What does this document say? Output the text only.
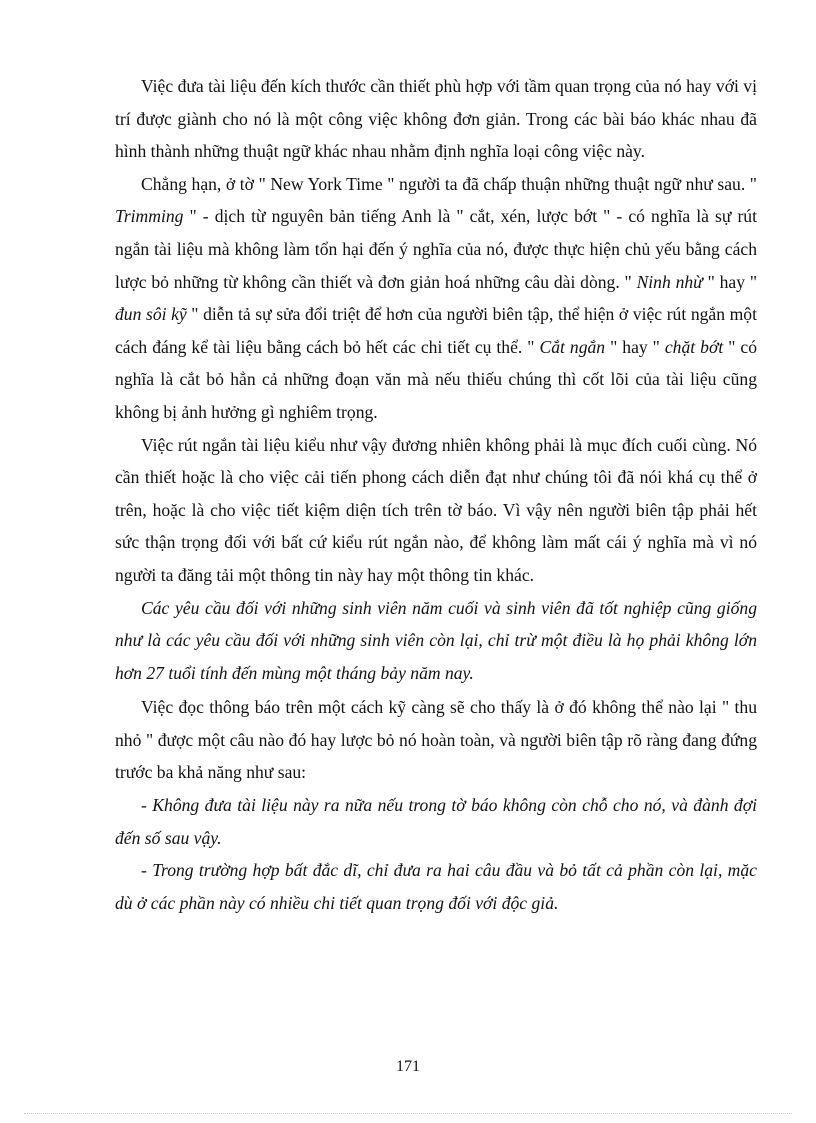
Việc đưa tài liệu đến kích thước cần thiết phù hợp với tầm quan trọng của nó hay với vị trí được giành cho nó là một công việc không đơn giản. Trong các bài báo khác nhau đã hình thành những thuật ngữ khác nhau nhằm định nghĩa loại công việc này.

Chẳng hạn, ở tờ " New York Time " người ta đã chấp thuận những thuật ngữ như sau. " Trimming " - dịch từ nguyên bản tiếng Anh là " cắt, xén, lược bớt " - có nghĩa là sự rút ngắn tài liệu mà không làm tổn hại đến ý nghĩa của nó, được thực hiện chủ yếu bằng cách lược bỏ những từ không cần thiết và đơn giản hoá những câu dài dòng. " Ninh nhừ " hay " đun sôi kỹ " diễn tả sự sửa đổi triệt để hơn của người biên tập, thể hiện ở việc rút ngắn một cách đáng kể tài liệu bằng cách bỏ hết các chi tiết cụ thể. " Cắt ngắn " hay " chặt bớt " có nghĩa là cắt bỏ hẳn cả những đoạn văn mà nếu thiếu chúng thì cốt lõi của tài liệu cũng không bị ảnh hưởng gì nghiêm trọng.

Việc rút ngắn tài liệu kiểu như vậy đương nhiên không phải là mục đích cuối cùng. Nó cần thiết hoặc là cho việc cải tiến phong cách diễn đạt như chúng tôi đã nói khá cụ thể ở trên, hoặc là cho việc tiết kiệm diện tích trên tờ báo. Vì vậy nên người biên tập phải hết sức thận trọng đối với bất cứ kiểu rút ngắn nào, để không làm mất cái ý nghĩa mà vì nó người ta đăng tải một thông tin này hay một thông tin khác.

Các yêu cầu đối với những sinh viên năm cuối và sinh viên đã tốt nghiệp cũng giống như là các yêu cầu đối với những sinh viên còn lại, chỉ trừ một điều là họ phải không lớn hơn 27 tuổi tính đến mùng một tháng bảy năm nay.

Việc đọc thông báo trên một cách kỹ càng sẽ cho thấy là ở đó không thể nào lại " thu nhỏ " được một câu nào đó hay lược bỏ nó hoàn toàn, và người biên tập rõ ràng đang đứng trước ba khả năng như sau:

- Không đưa tài liệu này ra nữa nếu trong tờ báo không còn chỗ cho nó, và đành đợi đến số sau vậy.

- Trong trường hợp bất đắc dĩ, chỉ đưa ra hai câu đầu và bỏ tất cả phần còn lại, mặc dù ở các phần này có nhiều chi tiết quan trọng đối với độc giả.

171
